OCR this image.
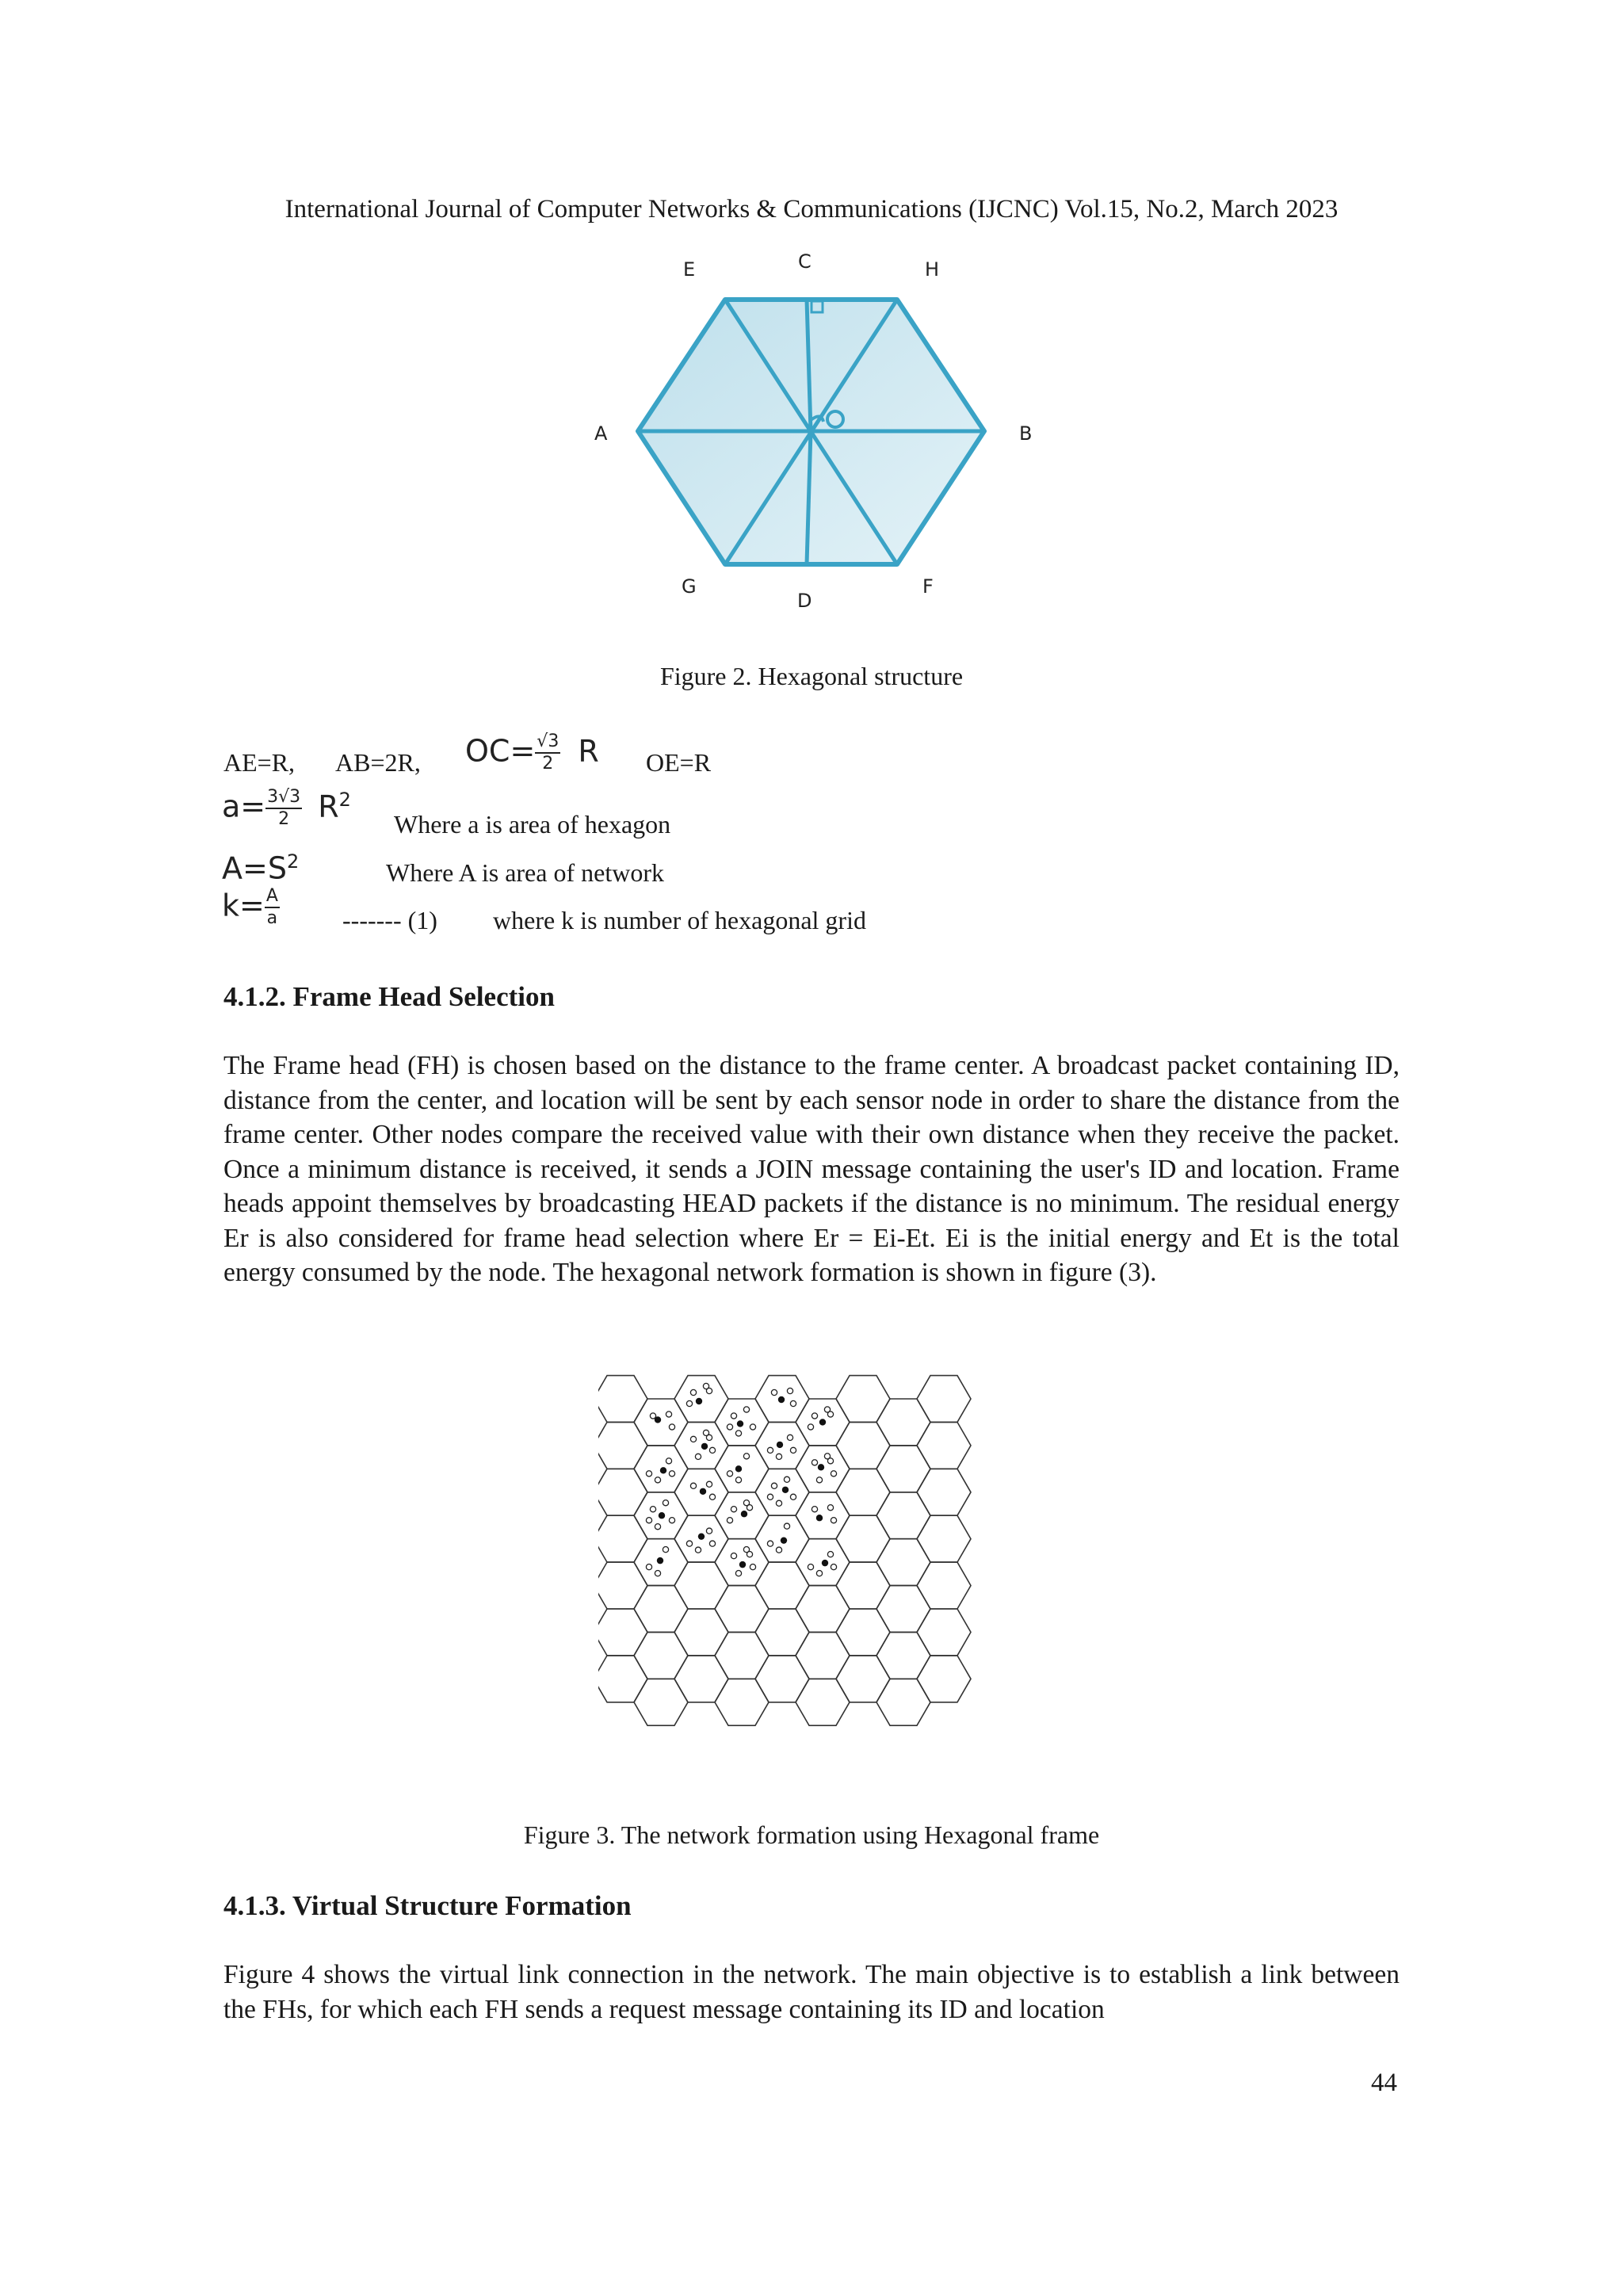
International Journal of Computer Networks & Communications (IJCNC) Vol.15, No.2, March 2023
E	C	H
A	B
G
D
F
Figure 2. Hexagonal structure
AE=R, AB=2R, $OC= \frac{√3}{2}$ R OE=R
$a= \frac{3√3}{2} R^2$
Where a is area of hexagon
$A=S^2$	Where A is area of network
$k= \frac{A}{a}$ ------- (1) where k is number of hexagonal grid
4.1.2. Frame Head Selection

The Frame head (FH) is chosen based on the distance to the frame center. A broadcast packet containing ID, distance from the center, and location will be sent by each sensor node in order to share the distance from the frame center. Other nodes compare the received value with their own distance when they receive the packet. Once a minimum distance is received, it sends a JOIN message containing the user's ID and location. Frame heads appoint themselves by broadcasting HEAD packets if the distance is no minimum. The residual energy Er is also considered for frame head selection where Er = Ei-Et. Ei is the initial energy and Et is the total energy consumed by the node. The hexagonal network formation is shown in figure (3).

Figure 3. The network formation using Hexagonal frame
4.1.3. Virtual Structure Formation

Figure 4 shows the virtual link connection in the network. The main objective is to establish a link between the FHs, for which each FH sends a request message containing its ID and location

44
